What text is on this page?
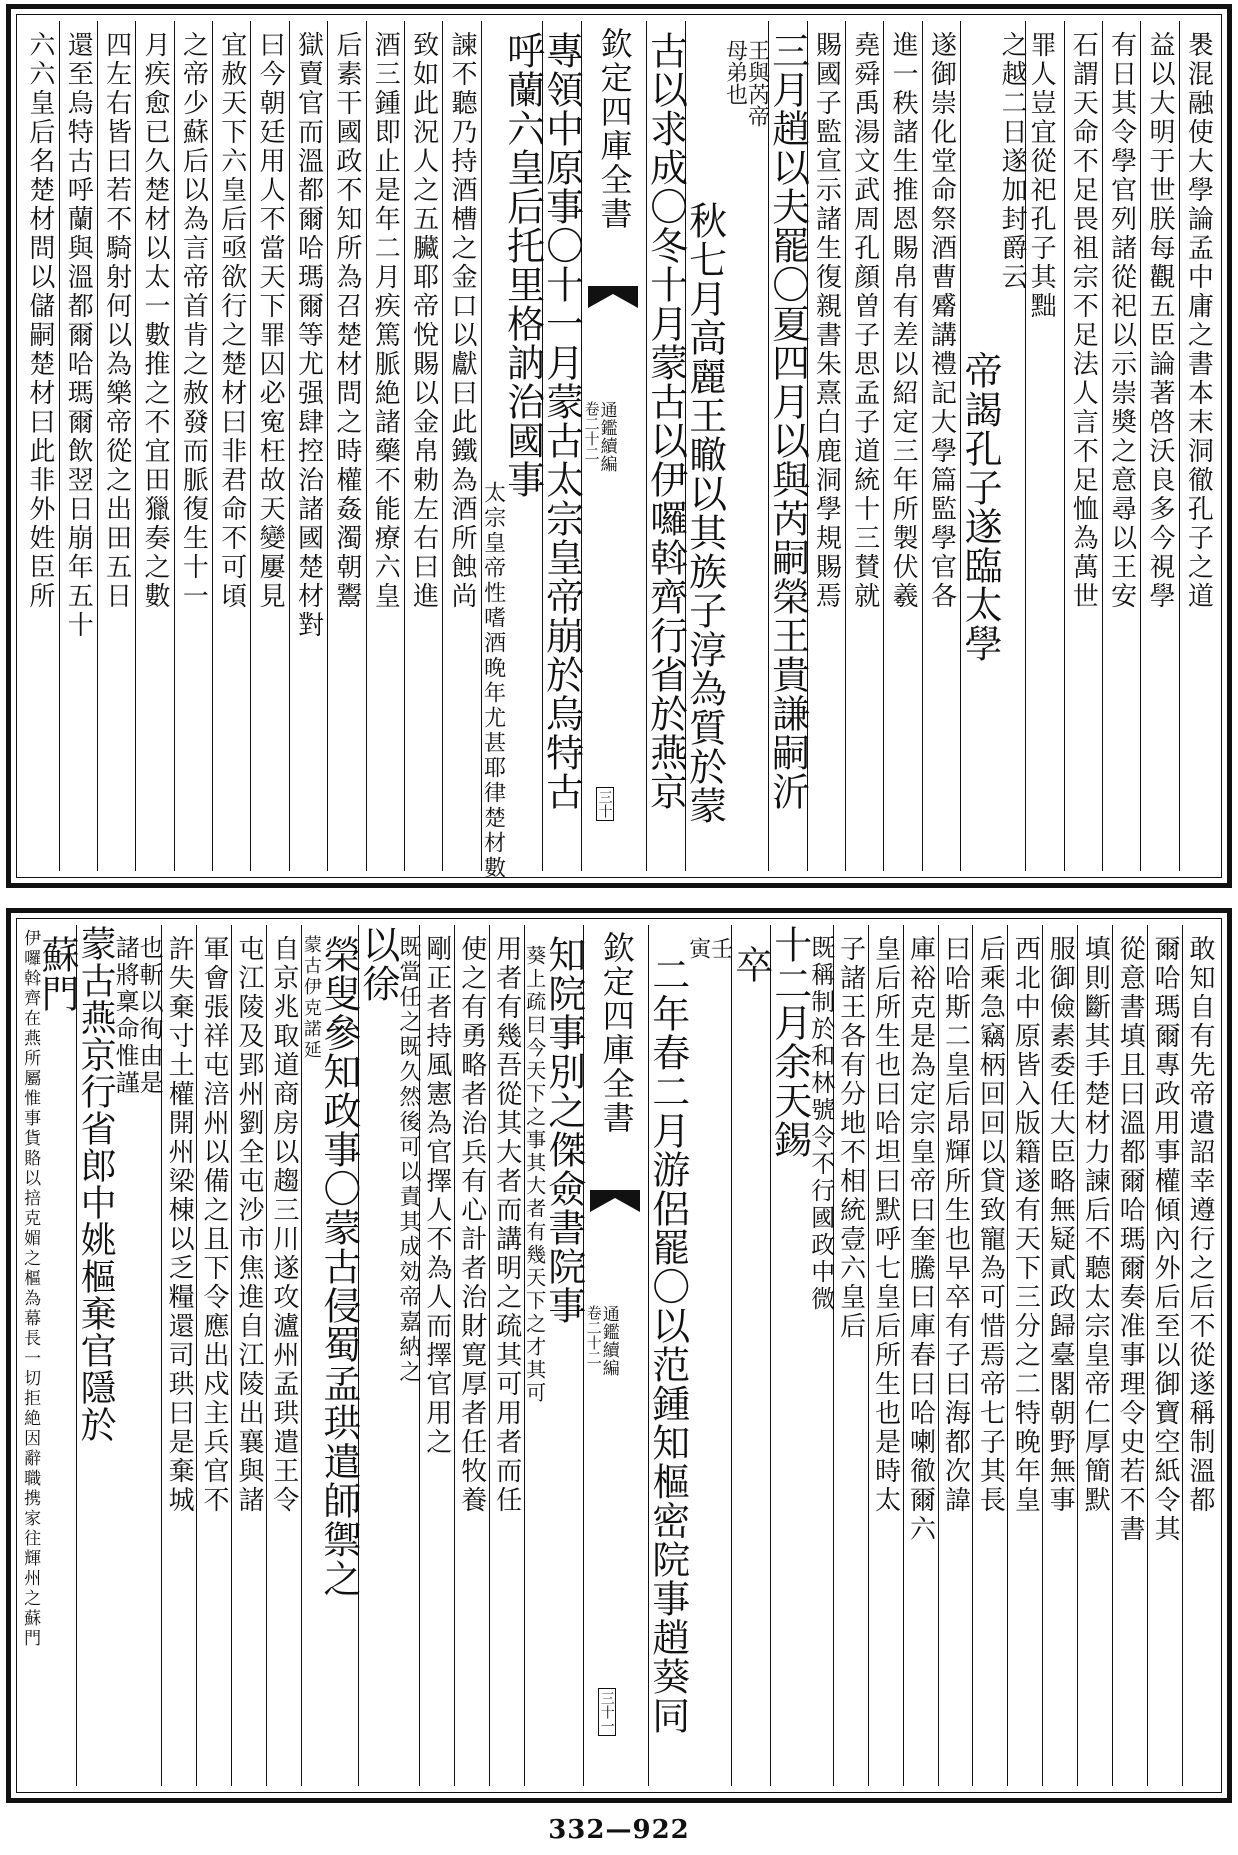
褁混融使大學論孟中庸之書本末洞徹孔子之道
益以大明于世朕每觀五臣論著啓沃良多今視學
有日其令學官列諸從祀以示崇奬之意尋以王安
石謂天命不足畏祖宗不足法人言不足恤為萬世
罪人豈宜從祀孔子其黜
之越二日遂加封爵云
帝謁孔子遂臨太學
遂御崇化堂命祭酒曹觱講禮記大學篇監學官各
進一秩諸生推恩賜帛有差以紹定三年所製伏羲
堯舜禹湯文武周孔顔曽子思孟子道統十三賛就
賜國子監宣示諸生復親書朱熹白鹿洞學規賜焉
三月趙以夫罷〇夏四月以與芮嗣榮王貴謙嗣沂
王與芮帝
母弟也
秋七月高麗王瞮以其族子淳為質於蒙
古以求成〇冬十月蒙古以伊囉斡齊行省於燕京
欽定四庫全書
通鑑續編
卷二十二
三十
專領中原事〇十一月蒙古太宗皇帝崩於烏特古
呼蘭六皇后托里格訥治國事
太宗皇帝性嗜酒晚年尤甚耶律楚材數
諫不聽乃持酒槽之金口以獻曰此鐵為酒所蝕尚
致如此況人之五臟耶帝悅賜以金帛勅左右曰進
酒三鍾即止是年二月疾篤脈絶諸藥不能療六皇
后素干國政不知所為召楚材問之時權姦濁朝鬻
獄賣官而溫都爾哈瑪爾等尤强肆控治諸國楚材對
曰今朝廷用人不當天下罪囚必寃枉故天變屢見
宜赦天下六皇后亟欲行之楚材曰非君命不可頃
之帝少蘇后以為言帝首肯之赦發而脈復生十一
月疾愈已久楚材以太一數推之不宜田獵奏之數
四左右皆曰若不騎射何以為樂帝從之出田五日
還至烏特古呼蘭與溫都爾哈瑪爾飲翌日崩年五十
六六皇后名楚材問以儲嗣楚材曰此非外姓臣所
敢知自有先帝遺詔幸遵行之后不從遂稱制溫都
爾哈瑪爾專政用事權傾內外后至以御寶空紙令其
從意書填且曰溫都爾哈瑪爾奏准事理令史若不書
填則斷其手楚材力諫后不聽太宗皇帝仁厚簡默
服御儉素委任大臣略無疑貳政歸臺閣朝野無事
西北中原皆入版籍遂有天下三分之二特晚年皇
后乘急竊柄回回以貸致寵為可惜焉帝七子其長
曰哈斯二皇后昂輝所生也早卒有子曰海都次諱
庫裕克是為定宗皇帝曰奎騰曰庫春曰哈喇徹爾六
皇后所生也曰哈坦曰默呼七皇后所生也是時太
子諸王各有分地不相統壹六皇后
既稱制於和林號令不行國政中微
十二月余天錫
卒
壬
寅
二年春二月游侶罷〇以范鍾知樞密院事趙葵同
欽定四庫全書
通鑑續編
卷二十二
三十一
知院事別之傑僉書院事
葵上疏曰今天下之事其大者有幾天下之才其可
用者有幾吾從其大者而講明之疏其可用者而任
使之有勇略者治兵有心計者治財寛厚者任牧養
剛正者持風憲為官擇人不為人而擇官用之
既當任之既久然後可以責其成効帝嘉納之
以徐
榮叟參知政事〇蒙古侵蜀孟珙遣師禦之
蒙古伊克諾延
自京兆取道商房以趨三川遂攻瀘州孟珙遣王令
屯江陵及郢州劉全屯沙市焦進自江陵出襄與諸
軍會張祥屯涪州以備之且下令應出戍主兵官不
許失棄寸土權開州梁棟以乏糧還司珙曰是棄城
也斬以徇由是
諸將稟命惟謹
蒙古燕京行省郎中姚樞棄官隱於
蘇門
伊囉斡齊在燕所屬惟事貨賂以掊克媚之樞為幕長一切拒絶因辭職携家往輝州之蘇門
332—922
